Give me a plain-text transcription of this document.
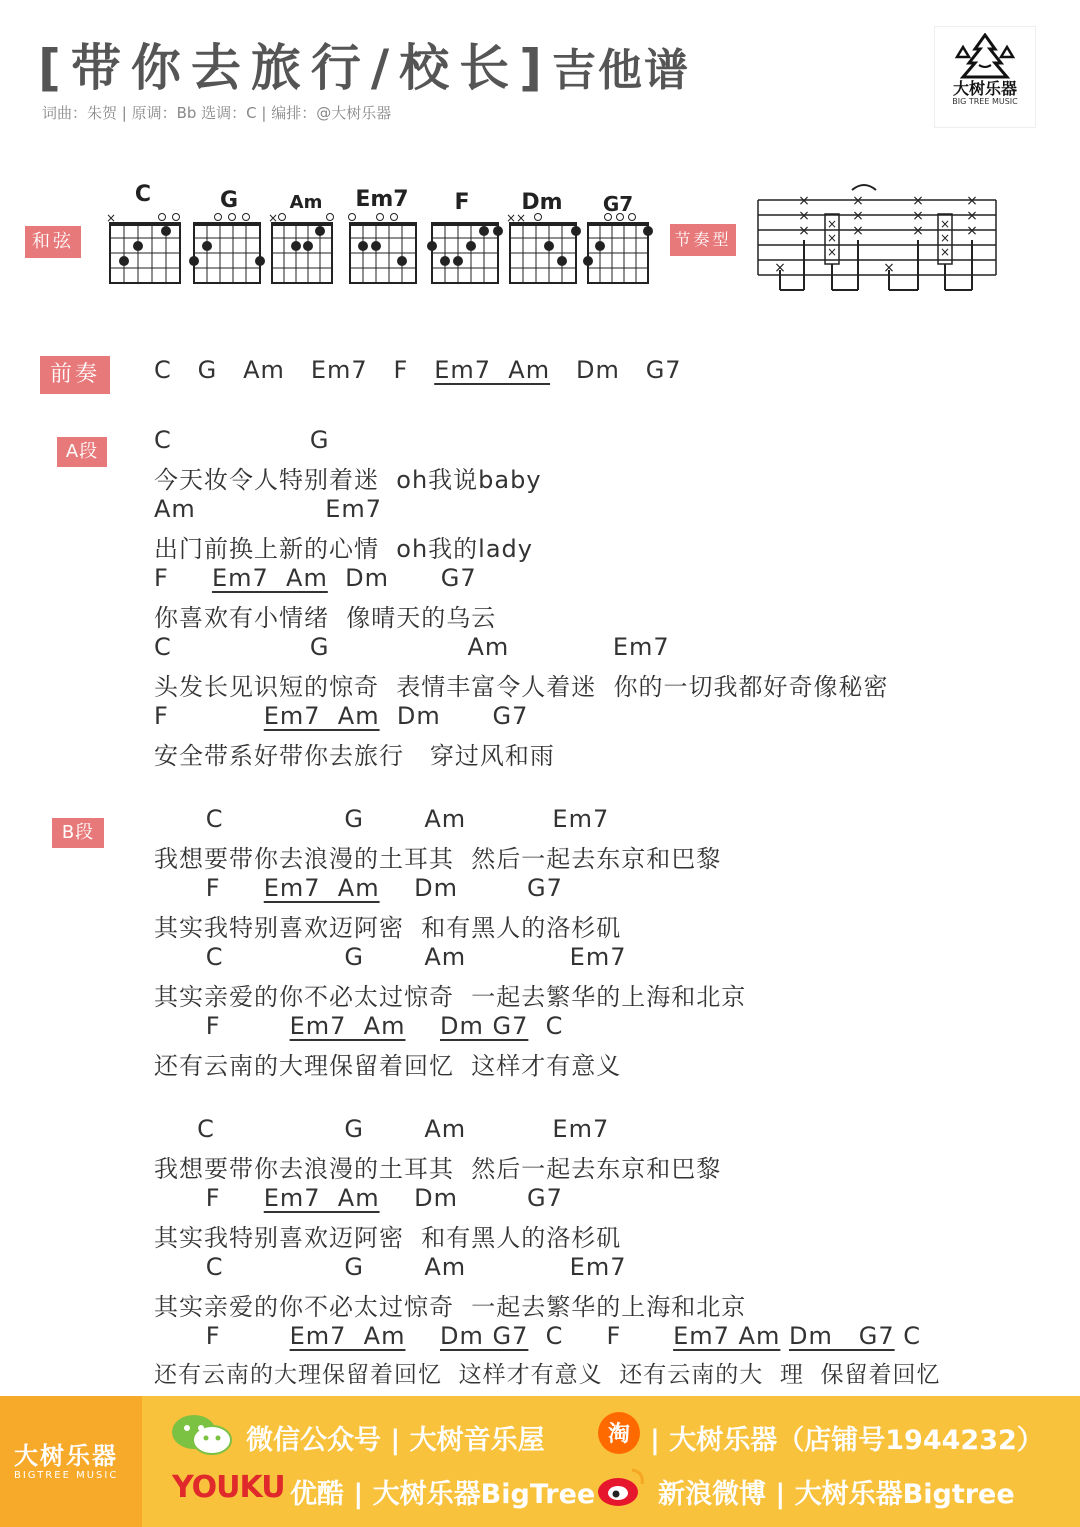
[带你去旅行/校长]吉他谱
词曲：朱贺 | 原调：Bb 选调：C | 编排：@大树乐器
大树乐器
BIG TREE MUSIC
和弦	节奏型
前奏
A段
B段
C	G	Am	Em7	F	Dm	G7
×	×	××
×
×
×
×
×
×
×
×
×
×
×
×
×
×
×
×
×
×
×
×
C   G   Am   Em7   F   Em7  Am   Dm   G7
C                G
今天妆令人特别着迷  oh我说baby
Am               Em7
出门前换上新的心情  oh我的lady
F     Em7  Am  Dm      G7
你喜欢有小情绪  像晴天的乌云
C                G                Am            Em7
头发长见识短的惊奇  表情丰富令人着迷  你的一切我都好奇像秘密
F           Em7  Am  Dm      G7
安全带系好带你去旅行   穿过风和雨
C              G       Am          Em7
我想要带你去浪漫的土耳其  然后一起去东京和巴黎
F     Em7  Am    Dm        G7
其实我特别喜欢迈阿密  和有黑人的洛杉矶
C              G       Am            Em7
其实亲爱的你不必太过惊奇  一起去繁华的上海和北京
F        Em7  Am Dm G7  C
还有云南的大理保留着回忆  这样才有意义
C               G       Am          Em7
我想要带你去浪漫的土耳其  然后一起去东京和巴黎
F     Em7  Am    Dm        G7
其实我特别喜欢迈阿密  和有黑人的洛杉矶
C              G       Am            Em7
其实亲爱的你不必太过惊奇  一起去繁华的上海和北京
F        Em7  Am Dm G7  C     F      Em7 Am Dm   G7 C
还有云南的大理保留着回忆  这样才有意义  还有云南的大  理  保留着回忆
大树乐器
BIGTREE MUSIC
微信公众号 | 大树音乐屋	淘 | 大树乐器（店铺号1944232）
YOUKU 优酷 | 大树乐器BigTree 新浪微博 | 大树乐器Bigtree
